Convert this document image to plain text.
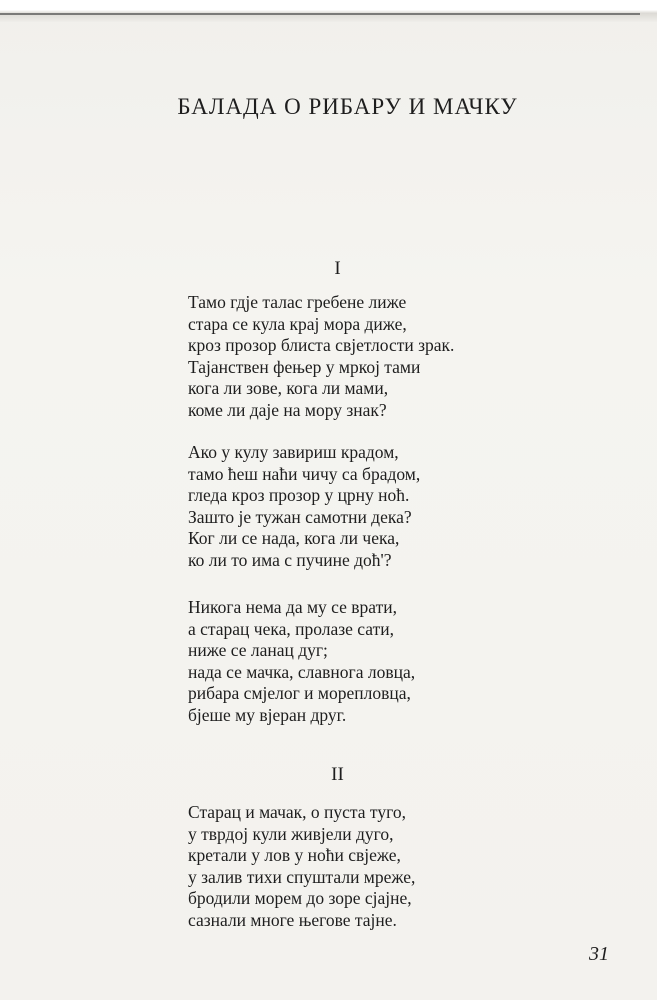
БАЛАДА О РИБАРУ И МАЧКУ
I
Тамо гдје талас гребене лиже
стара се кула крај мора диже,
кроз прозор блиста свјетлости зрак.
Тајанствен фењер у мркој тами
кога ли зове, кога ли мами,
коме ли даје на мору знак?
Ако у кулу завириш крадом,
тамо ћеш наћи чичу са брадом,
гледа кроз прозор у црну ноћ.
Зашто је тужан самотни дека?
Ког ли се нада, кога ли чека,
ко ли то има с пучине доћ'?
Никога нема да му се врати,
а старац чека, пролазе сати,
ниже се ланац дуг;
нада се мачка, славнога ловца,
рибара смјелог и морепловца,
бјеше му вјеран друг.
II
Старац и мачак, о пуста туго,
у тврдој кули живјели дуго,
кретали у лов у ноћи свјеже,
у залив тихи спуштали мреже,
бродили морем до зоре сјајне,
сазнали многе његове тајне.
31
